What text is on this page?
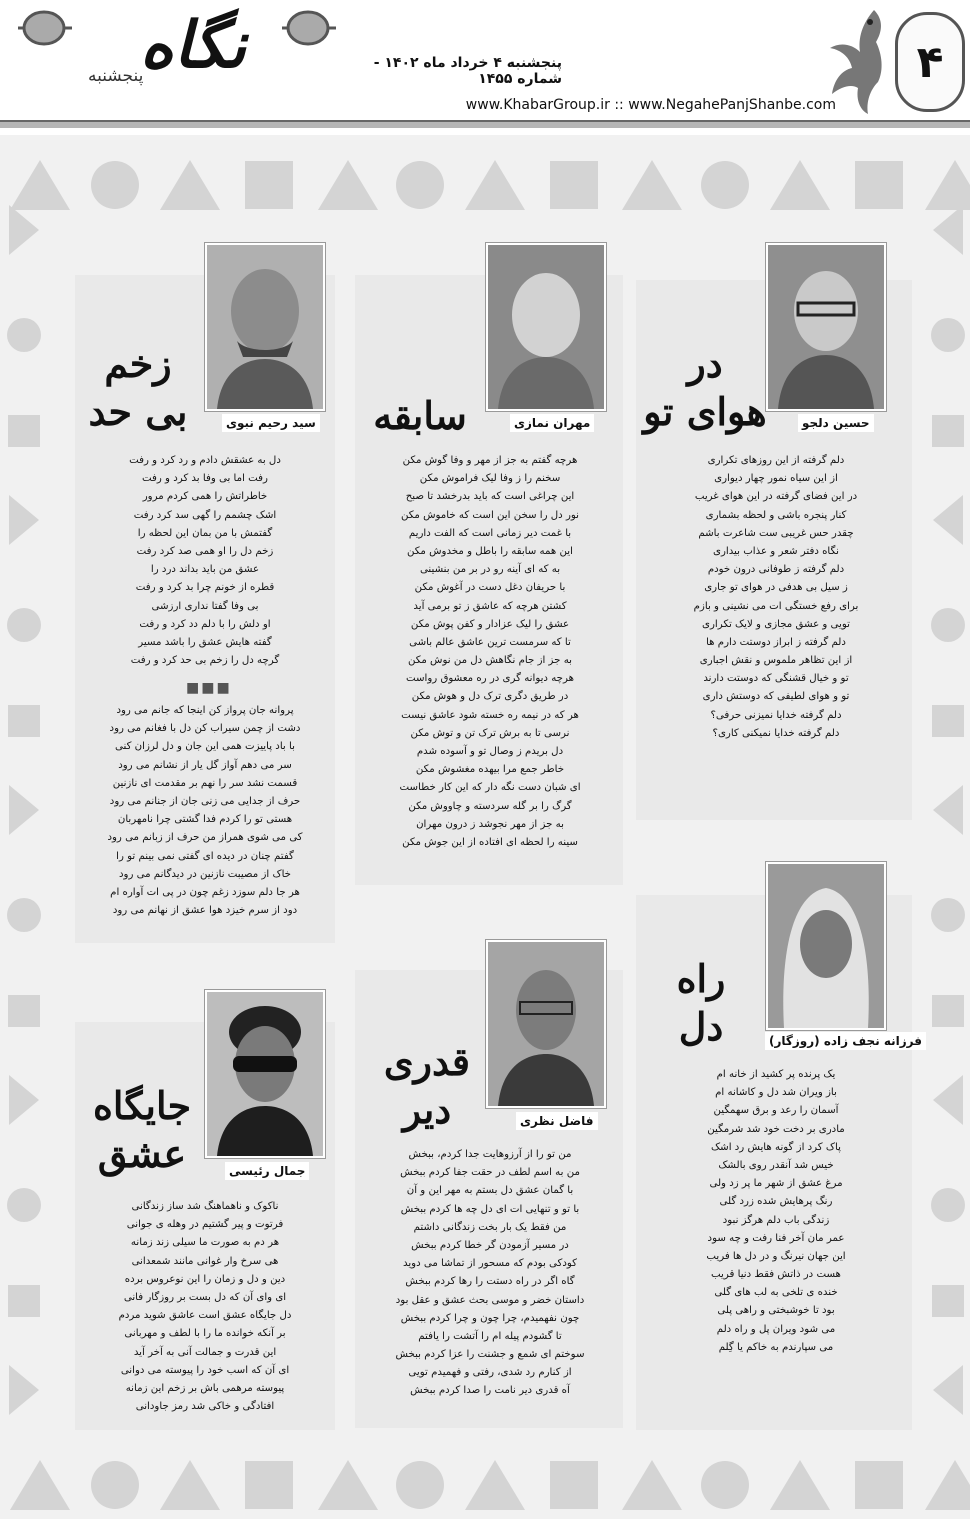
۴
نگاه
پنجشنبه
پنجشنبه ۴ خرداد ماه ۱۴۰۲ - شماره ۱۴۵۵
www.KhabarGroup.ir :: www.NegahePanjShanbe.com
حسین دلجو
در
هوای تو
دلم گرفته از این روزهای تکراری
از این سیاه نمور چهار دیواری
در این فضای گرفته در این هوای غریب
کنار پنجره باشی و لحظه بشماری
چقدر حس غریبی ست شاعرت باشم
نگاه دفتر شعر و عذاب بیداری
دلم گرفته ز طوفانی درون خودم
ز سیل بی هدفی در هوای تو جاری
برای رفع خستگی ات می نشینی و بازم
تویی و عشق مجازی و لایک تکراری
دلم گرفته ز ابراز دوستت دارم ها
از این تظاهر ملموس و نقش اجباری
تو و خیال قشنگی که دوستت دارند
تو و هوای لطیفی که دوستش داری
دلم گرفته خدایا نمیزنی حرفی؟
دلم گرفته خدایا نمیکنی کاری؟
مهران نمازی
سابقه
هرچه گفتم به جز از مهر و وفا گوش مکن
سخنم را ز وفا لیک فراموش مکن
این چراغی است که باید بدرخشد تا صبح
نور دل را سخن این است که خاموش مکن
با غمت دیر زمانی است که الفت داریم
این همه سابقه را باطل و مخدوش مکن
به که ای آینه رو در بر من بنشینی
با حریفان دغل دست در آغوش مکن
کشتن هرچه که عاشق ز تو برمی آید
عشق را لیک عزادار و کفن پوش مکن
تا که سرمست ترین عاشق عالم باشی
به جز از جام نگاهش دل من نوش مکن
هرچه دیوانه گری در ره معشوق رواست
در طریق دگری ترک دل و هوش مکن
هر که در نیمه ره خسته شود عاشق نیست
نرسی تا به برش ترک تن و توش مکن
دل بریدم ز وصال تو و آسوده شدم
خاطر جمع مرا بیهده مغشوش مکن
ای شبان دست نگه دار که این کار خطاست
گرگ را بر گله سردسته و چاووش مکن
به جز از مهر نجوشد ز درون مهران
سینه را لحظه ای افتاده از این جوش مکن
سید رحیم نبوی
زخم
بی حد
دل به عشقش دادم و رد کرد و رفت
رفت اما بی وفا بد کرد و رفت
خاطراتش را همی کردم مرور
اشک چشمم را گهی سد کرد رفت
گفتمش با من بمان این لحظه را
زخم دل را او همی صد کرد رفت
عشق من باید بداند درد را
قطره از خونم چرا بد کرد و رفت
بی وفا گفتا نداری ارزشی
او دلش را با دلم دد کرد و رفت
گفته هایش عشق را باشد مسیر
گرچه دل را زخم بی حد کرد و رفت
■■■
پروانه جان پرواز کن اینجا که جانم می رود
دشت از چمن سیراب کن دل با فغانم می رود
با باد پاییزت همی این جان و دل لرزان کنی
سر می دهم آواز گل یار از نشانم می رود
قسمت نشد سر را نهم بر مقدمت ای نازنین
حرف از جدایی می زنی جان از جنانم می رود
هستی تو را کردم فدا گشتی چرا نامهربان
کی می شوی همراز من حرف از زبانم می رود
گفتم چنان در دیده ای گفتی نمی بینم تو را
خاک از مصیبت نازنین در دیدگانم می رود
هر جا دلم سوزد زغم چون در پی ات آواره ام
دود از سرم خیزد هوا عشق از نهانم می رود
فرزانه نجف زاده (روزگار)
راه
دل
یک پرنده پر کشید از خانه ام
باز ویران شد دل و کاشانه ام
آسمان را رعد و برق سهمگین
مادری بر دخت خود شد شرمگین
پاک کرد از گونه هایش رد اشک
خیس شد آنقدر روی بالشک
مرغ عشق از شهر ما پر زد ولی
رنگ پرهایش شده زرد گلی
زندگی باب دلم هرگز نبود
عمر مان آخر فنا رفت و چه سود
این جهان نیرنگ و در دل ها فریب
هست در ذاتش فقط دنیا قریب
خنده ی تلخی به لب های گلی
بود تا خوشبختی و راهی پلی
می شود ویران پل و راه دلم
می سپارندم به خاکم یا گِلم
فاضل نظری
قدری
دیر
من تو را از آرزوهایت جدا کردم، ببخش
من به اسم لطف در حقت جفا کردم ببخش
با گمان عشق دل بستم به مهر این و آن
با تو و تنهایی ات ای دل چه ها کردم ببخش
من فقط یک بار بخت زندگانی داشتم
در مسیر آزمودن گر خطا کردم ببخش
کودکی بودم که مسحور از تماشا می دوید
گاه اگر در راه دستت را رها کردم ببخش
داستان خضر و موسی بحث عشق و عقل بود
چون نفهمیدم، چرا چون و چرا کردم ببخش
تا گشودم پیله ام را آتشت را یافتم
سوختم ای شمع و جشنت را عزا کردم ببخش
از کنارم رد شدی، رفتی و فهمیدم تویی
آه قدری دیر نامت را صدا کردم ببخش
جمال رئیسی
جایگاه
عشق
ناکوک و ناهماهنگ شد ساز زندگانی
فرتوت و پیر گشتیم در وهله ی جوانی
هر دم به صورت ما سیلی زند زمانه
هی سرخ وار غوانی مانند شمعدانی
دین و دل و زمان را این نوعروس برده
ای وای آن که دل بست بر روزگار فانی
دل جایگاه عشق است عاشق شوید مردم
بر آنکه خوانده ما را با لطف و مهربانی
این قدرت و جمالت آنی به آخر آید
ای آن که اسب خود را پیوسته می دوانی
پیوسته مرهمی باش بر زخم این زمانه
افتادگی و خاکی شد رمز جاودانی
